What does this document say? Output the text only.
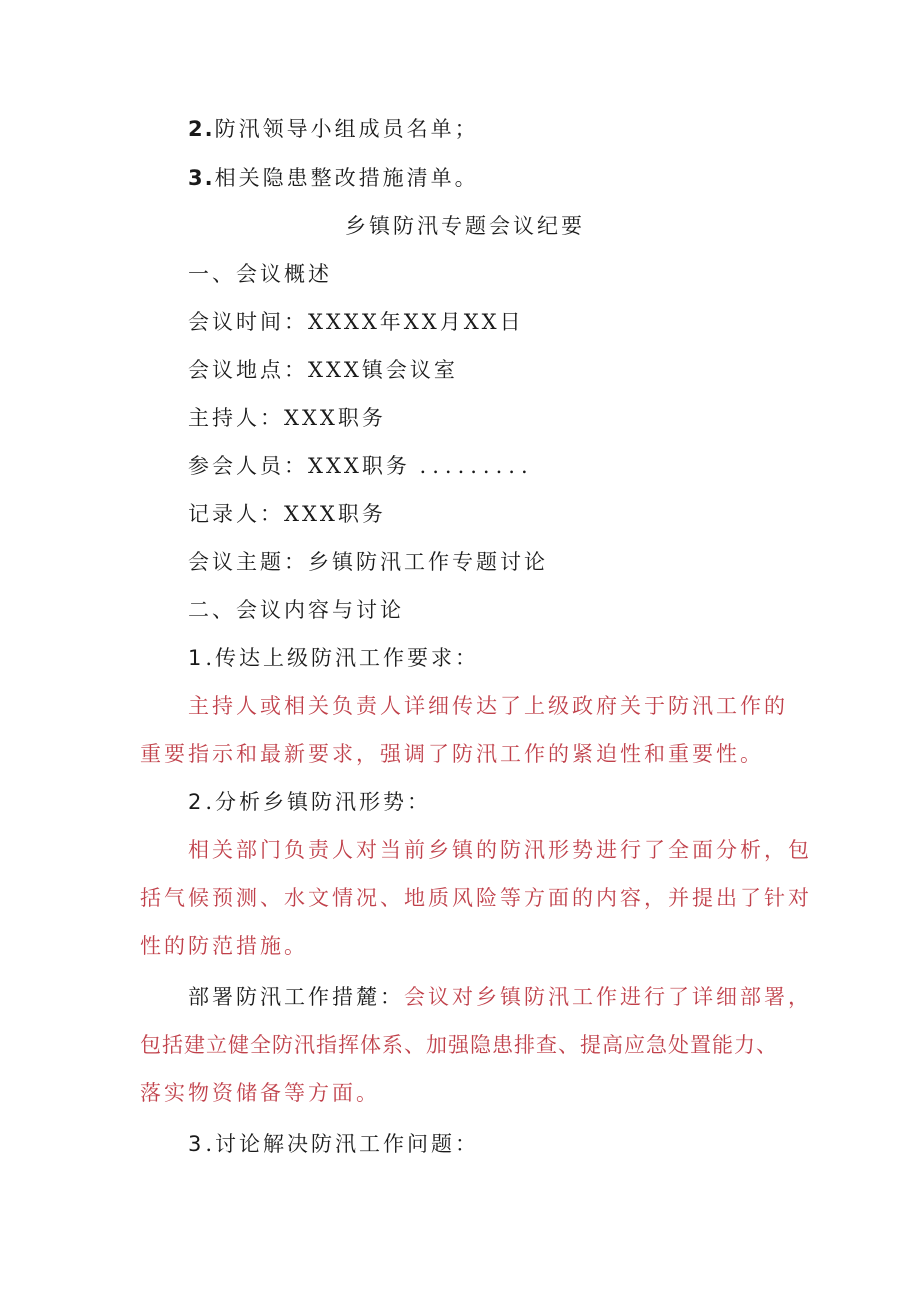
2.防汛领导小组成员名单；
3.相关隐患整改措施清单。
乡镇防汛专题会议纪要
一、会议概述
会议时间：XXXX年XX月XX日
会议地点：XXX镇会议室
主持人：XXX职务
参会人员：XXX职务 .........
记录人：XXX职务
会议主题：乡镇防汛工作专题讨论
二、会议内容与讨论
1.传达上级防汛工作要求：
主持人或相关负责人详细传达了上级政府关于防汛工作的
重要指示和最新要求，强调了防汛工作的紧迫性和重要性。
2.分析乡镇防汛形势：
相关部门负责人对当前乡镇的防汛形势进行了全面分析，包
括气候预测、水文情况、地质风险等方面的内容，并提出了针对
性的防范措施。
部署防汛工作措麓：会议对乡镇防汛工作进行了详细部署，
包括建立健全防汛指挥体系、加强隐患排查、提高应急处置能力、
落实物资储备等方面。
3.讨论解决防汛工作问题：
